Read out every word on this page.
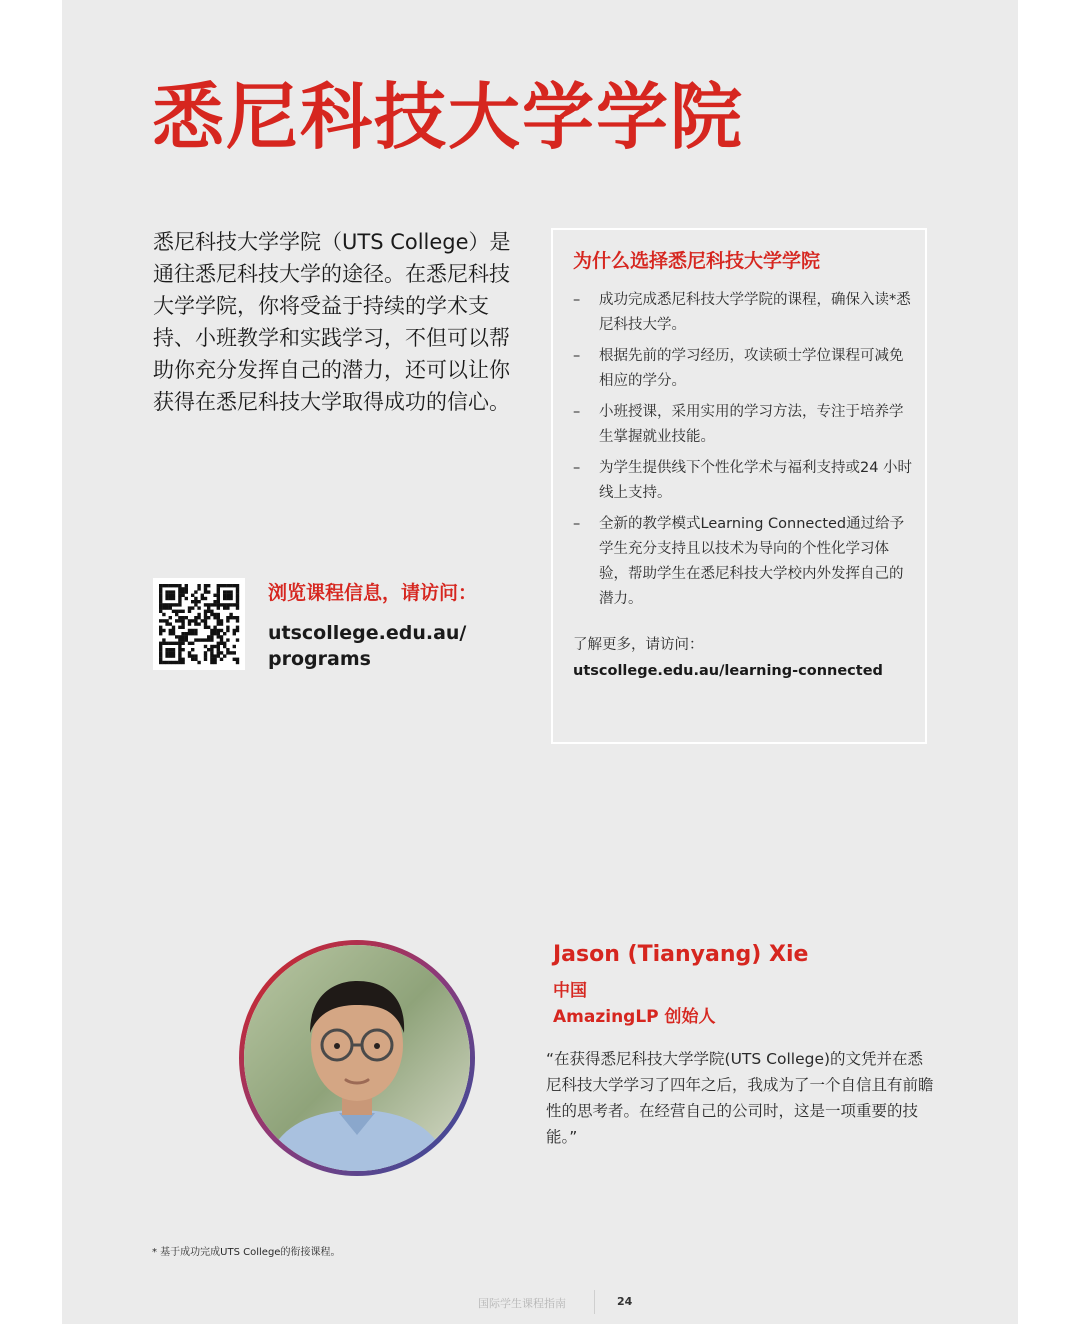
悉尼科技大学学院

悉尼科技大学学院（UTS College）是通往悉尼科技大学的途径。在悉尼科技大学学院，你将受益于持续的学术支持、小班教学和实践学习，不但可以帮助你充分发挥自己的潜力，还可以让你获得在悉尼科技大学取得成功的信心。

浏览课程信息，请访问：
utscollege.edu.au/
programs
为什么选择悉尼科技大学学院
– 成功完成悉尼科技大学学院的课程，确保入读*悉尼科技大学。
– 根据先前的学习经历，攻读硕士学位课程可减免相应的学分。
– 小班授课，采用实用的学习方法，专注于培养学生掌握就业技能。
– 为学生提供线下个性化学术与福利支持或24 小时线上支持。
– 全新的教学模式Learning Connected通过给予学生充分支持且以技术为导向的个性化学习体验，帮助学生在悉尼科技大学校内外发挥自己的潜力。
了解更多，请访问：
utscollege.edu.au/learning-connected
Jason (Tianyang) Xie
中国
AmazingLP 创始人

“在获得悉尼科技大学学院(UTS College)的文凭并在悉尼科技大学学习了四年之后，我成为了一个自信且有前瞻性的思考者。在经营自己的公司时，这是一项重要的技能。”

* 基于成功完成UTS College的衔接课程。
国际学生课程指南	24
